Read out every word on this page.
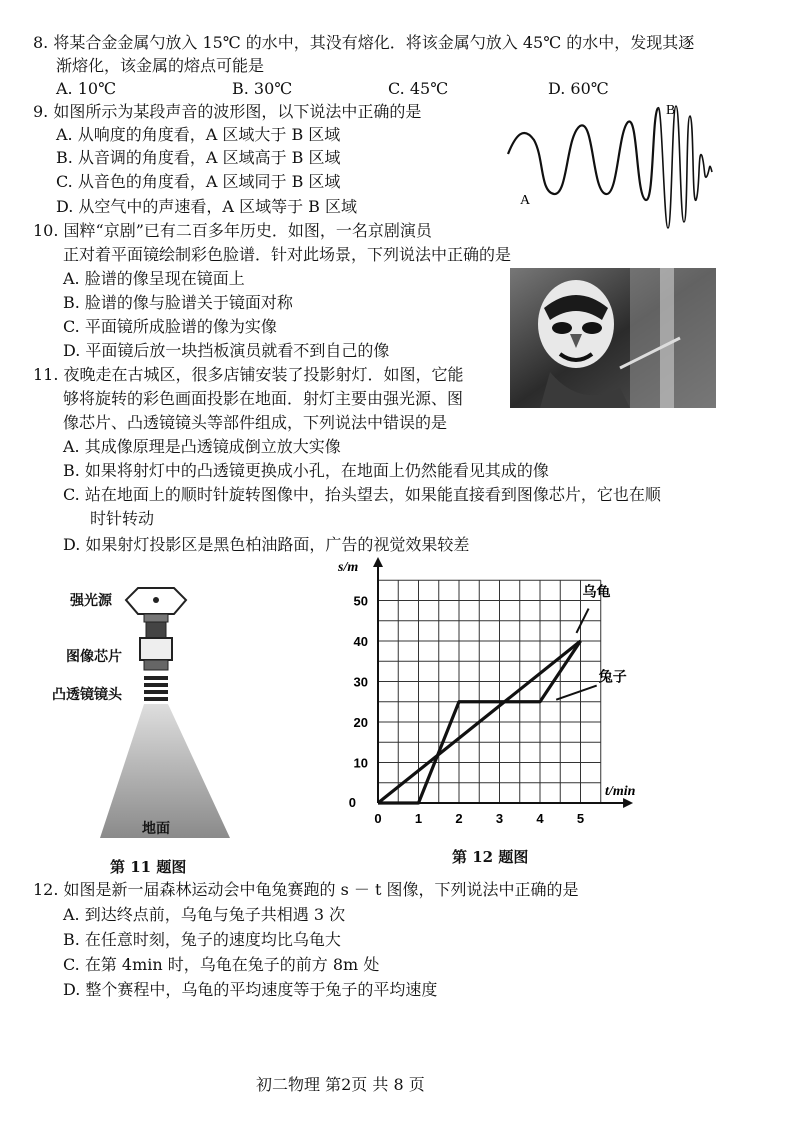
8. 将某合金金属勺放入 15℃ 的水中，其没有熔化．将该金属勺放入 45℃ 的水中，发现其逐
渐熔化，该金属的熔点可能是
A. 10℃	B. 30℃	C. 45℃	D. 60℃
9. 如图所示为某段声音的波形图，以下说法中正确的是
A. 从响度的角度看，A 区域大于 B 区域
B. 从音调的角度看，A 区域高于 B 区域
C. 从音色的角度看，A 区域同于 B 区域
D. 从空气中的声速看，A 区域等于 B 区域	A
B
10. 国粹“京剧”已有二百多年历史．如图，一名京剧演员
正对着平面镜绘制彩色脸谱．针对此场景，下列说法中正确的是
A. 脸谱的像呈现在镜面上
B. 脸谱的像与脸谱关于镜面对称
C. 平面镜所成脸谱的像为实像
D. 平面镜后放一块挡板演员就看不到自己的像
11. 夜晚走在古城区，很多店铺安装了投影射灯．如图，它能
够将旋转的彩色画面投影在地面．射灯主要由强光源、图
像芯片、凸透镜镜头等部件组成，下列说法中错误的是
A. 其成像原理是凸透镜成倒立放大实像
B. 如果将射灯中的凸透镜更换成小孔，在地面上仍然能看见其成的像
C. 站在地面上的顺时针旋转图像中，抬头望去，如果能直接看到图像芯片，它也在顺
时针转动
D. 如果射灯投影区是黑色柏油路面，广告的视觉效果较差
强光源
图像芯片
凸透镜镜头
地面
第 11 题图
0	1	2	3	4	5
0
10
20
30
40
50
s/m
t/min
乌龟
兔子
第 12 题图
12. 如图是新一届森林运动会中龟兔赛跑的 s － t 图像，下列说法中正确的是
A. 到达终点前，乌龟与兔子共相遇 3 次
B. 在任意时刻，兔子的速度均比乌龟大
C. 在第 4min 时，乌龟在兔子的前方 8m 处
D. 整个赛程中，乌龟的平均速度等于兔子的平均速度
初二物理 第2页 共 8 页
